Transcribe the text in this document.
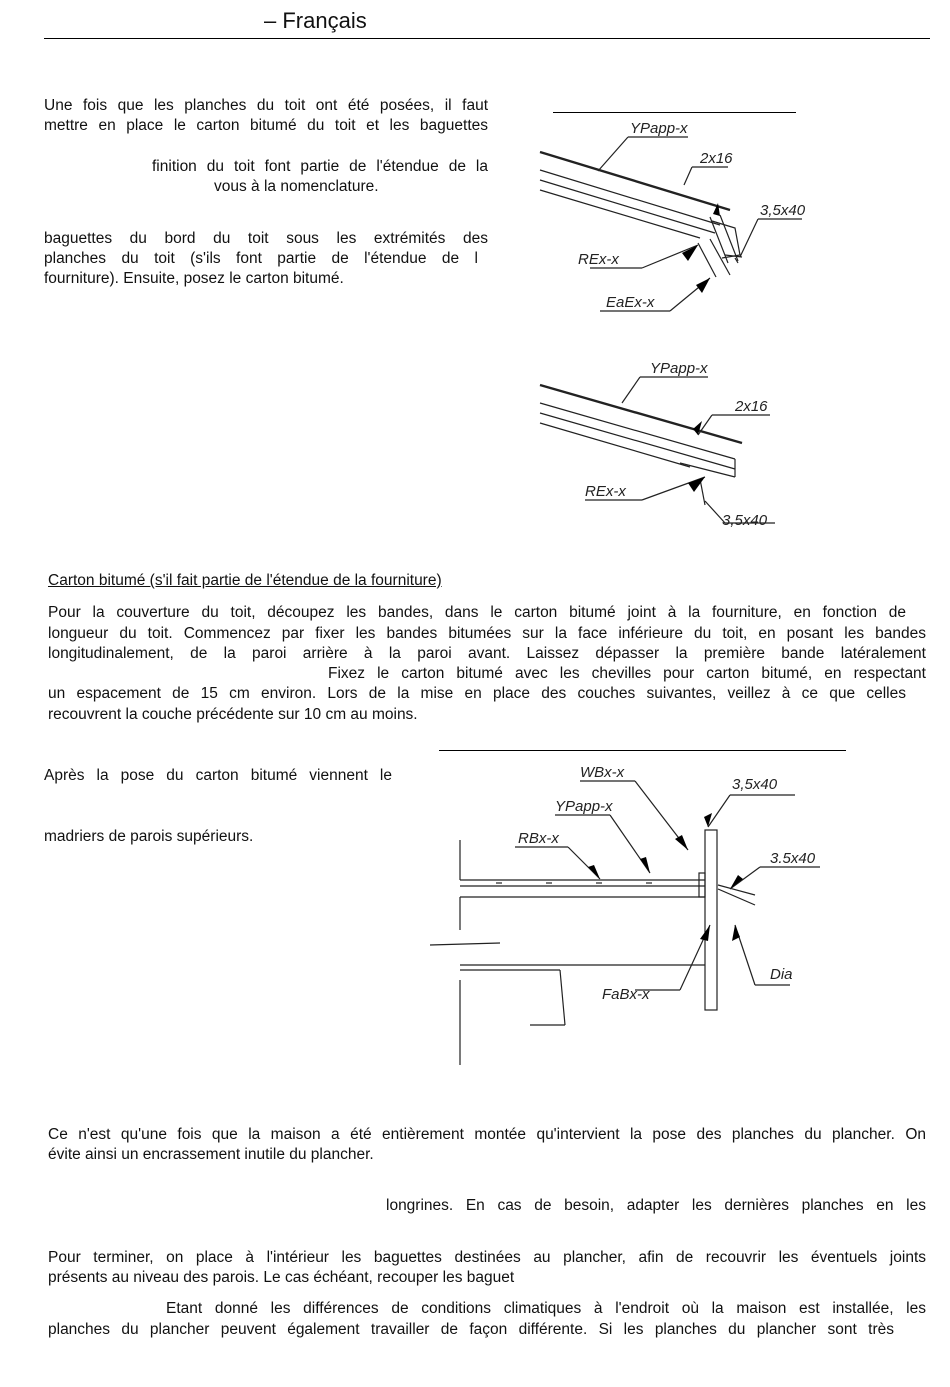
– Français

Une fois que les planches du toit ont été posées, il faut

mettre en place le carton bitumé du toit et les baguettes

finition du toit font partie de l'étendue de la

vous à la nomenclature.

baguettes du bord du toit sous les extrémités des

planches du toit (s'ils font partie de l'étendue de l

fourniture). Ensuite, posez le carton bitumé.

YPapp-x
2x16
3,5x40
REx-x
EaEx-x
YPapp-x
2x16
REx-x
3,5x40
Carton bitumé (s'il fait partie de l'étendue de la fourniture)

Pour la couverture du toit, découpez les bandes, dans le carton bitumé joint à la fourniture, en fonction de

longueur du toit. Commencez par fixer les bandes bitumées sur la face inférieure du toit, en posant les bandes

longitudinalement, de la paroi arrière à la paroi avant. Laissez dépasser la première bande latéralement

Fixez le carton bitumé avec les chevilles pour carton bitumé, en respectant

un espacement de 15 cm environ. Lors de la mise en place des couches suivantes, veillez à ce que celles

recouvrent la couche précédente sur 10 cm au moins.

Après la pose du carton bitumé viennent le

madriers de parois supérieurs.

WBx-x
3,5x40
YPapp-x
RBx-x
3.5x40
Dia
FaBx-x

Ce n'est qu'une fois que la maison a été entièrement montée qu'intervient la pose des planches du plancher. On

évite ainsi un encrassement inutile du plancher.

longrines. En cas de besoin, adapter les dernières planches en les

Pour terminer, on place à l'intérieur les baguettes destinées au plancher, afin de recouvrir les éventuels joints

présents au niveau des parois. Le cas échéant, recouper les baguet

Etant donné les différences de conditions climatiques à l'endroit où la maison est installée, les

planches du plancher peuvent également travailler de façon différente. Si les planches du plancher sont très
